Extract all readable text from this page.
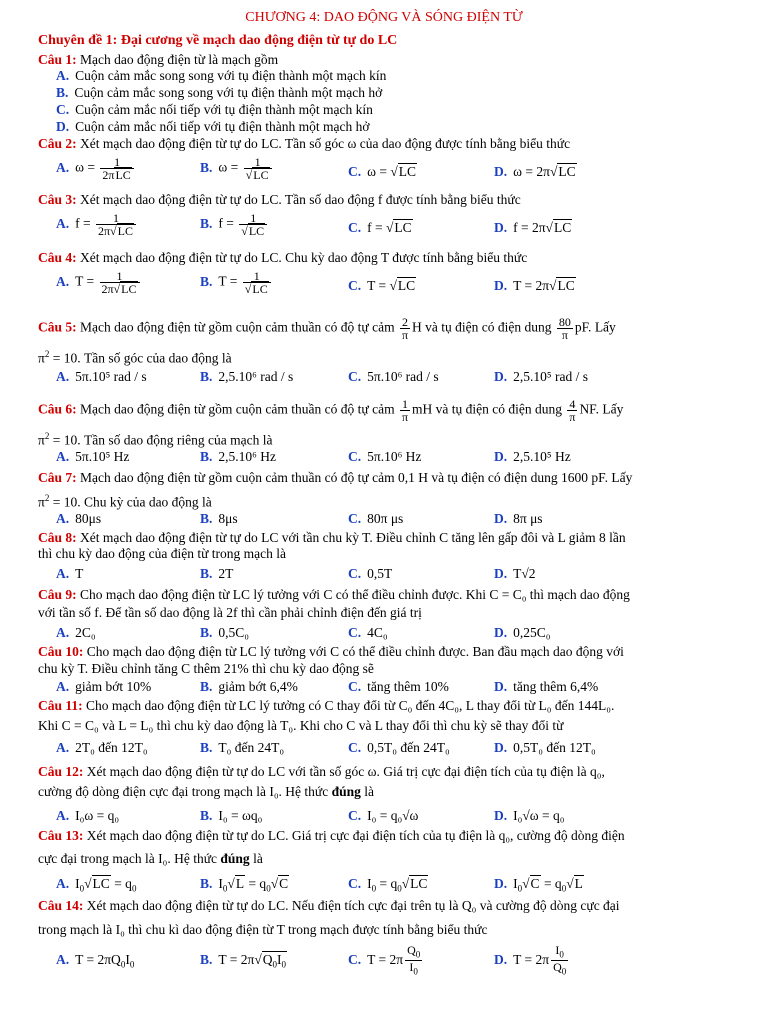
CHƯƠNG 4: DAO ĐỘNG VÀ SÓNG ĐIỆN TỪ
Chuyên đề 1: Đại cương về mạch dao động điện từ tự do LC
Câu 1: Mạch dao động điện từ là mạch gồm
A. Cuộn cảm mắc song song với tụ điện thành một mạch kín
B. Cuộn cảm mắc song song với tụ điện thành một mạch hở
C. Cuộn cảm mắc nối tiếp với tụ điện thành một mạch kín
D. Cuộn cảm mắc nối tiếp với tụ điện thành một mạch hở
Câu 2: Xét mạch dao động điện từ tự do LC. Tần số góc ω của dao động được tính bằng biểu thức
A. $\omega = \frac{1}{\text{2πLC}}$	B. $\omega = \frac{1}{√LC}$	C. ω = √LC	D. ω = 2π√LC
Câu 3: Xét mạch dao động điện từ tự do LC. Tần số dao động f được tính bằng biểu thức
A. $f = \frac{1}{2\pi√LC}$	B. $f = \frac{1}{√LC}$	C. f = √LC	D. f = 2π√LC
Câu 4: Xét mạch dao động điện từ tự do LC. Chu kỳ dao động T được tính bằng biểu thức
A. $T = \frac{1}{2\pi√LC}$	B. $T = \frac{1}{√LC}$	C. T = √LC	D. T = 2π√LC
Câu 5: Mạch dao động điện từ gồm cuộn cảm thuần có độ tự cảm $\frac{2}{\pi}$ H và tụ điện có điện dung $\frac{80}{\pi}$ pF. Lấy
$\pi^2 = 10$. Tần số góc của dao động là
A. 5π.10⁵ rad / s	B. 2,5.10⁶ rad / s	C. 5π.10⁶ rad / s	D. 2,5.10⁵ rad / s
Câu 6: Mạch dao động điện từ gồm cuộn cảm thuần có độ tự cảm $\frac{1}{\pi}$ mH và tụ điện có điện dung $\frac{4}{\pi}$ NF. Lấy
$\pi^2 = 10$. Tần số dao động riêng của mạch là
A. 5π.10⁵ Hz	B. 2,5.10⁶ Hz	C. 5π.10⁶ Hz	D. 2,5.10⁵ Hz
Câu 7: Mạch dao động điện từ gồm cuộn cảm thuần có độ tự cảm 0,1 H và tụ điện có điện dung 1600 pF. Lấy
$\pi^2 = 10$. Chu kỳ của dao động là
A. 80μs	B. 8μs	C. 80π μs	D. 8π μs
Câu 8: Xét mạch dao động điện từ tự do LC với tần chu kỳ T. Điều chỉnh C tăng lên gấp đôi và L giảm 8 lần
thì chu kỳ dao động của điện từ trong mạch là
A. T	B. 2T	C. 0,5T	D. T√2
Câu 9: Cho mạch dao động điện từ LC lý tưởng với C có thể điều chỉnh được. Khi C = C₀ thì mạch dao động
với tần số f. Để tần số dao động là 2f thì cần phải chỉnh điện đến giá trị
A. 2C₀	B. 0,5C₀	C. 4C₀	D. 0,25C₀
Câu 10: Cho mạch dao động điện từ LC lý tưởng với C có thể điều chỉnh được. Ban đầu mạch dao động với
chu kỳ T. Điều chỉnh tăng C thêm 21% thì chu kỳ dao động sẽ
A. giảm bớt 10%	B. giảm bớt 6,4%	C. tăng thêm 10%	D. tăng thêm 6,4%
Câu 11: Cho mạch dao động điện từ LC lý tưởng có C thay đổi từ C₀ đến 4C₀, L thay đổi từ L₀ đến 144L₀.
Khi C = C₀ và L = L₀ thì chu kỳ dao động là T₀. Khi cho C và L thay đổi thì chu kỳ sẽ thay đổi từ
A. 2T₀ đến 12T₀	B. T₀ đến 24T₀	C. 0,5T₀ đến 24T₀	D. 0,5T₀ đến 12T₀
Câu 12: Xét mạch dao động điện từ tự do LC với tần số góc ω. Giá trị cực đại điện tích của tụ điện là q₀,
cường độ dòng điện cực đại trong mạch là I₀. Hệ thức đúng là
A. I₀ω = q₀	B. I₀ = ωq₀	C. I₀ = q₀√ω	D. I₀√ω = q₀
Câu 13: Xét mạch dao động điện từ tự do LC. Giá trị cực đại điện tích của tụ điện là q₀, cường độ dòng điện
cực đại trong mạch là I₀. Hệ thức đúng là
A. $I_0√LC = q_0$	B. $I_0√L = q_0√C$	C. $I_0 = q_0√LC$	D. $I_0√C = q_0√L$
Câu 14: Xét mạch dao động điện từ tự do LC. Nếu điện tích cực đại trên tụ là Q₀ và cường độ dòng cực đại
trong mạch là I₀ thì chu kì dao động điện từ T trong mạch được tính bằng biểu thức
A. $T = 2\pi Q_0I_0$	B. $T = 2\pi√Q_0I_0$	C. $T = 2\pi \frac{Q_0}{I_0}$	D. $T = 2\pi \frac{I_0}{Q_0}$
